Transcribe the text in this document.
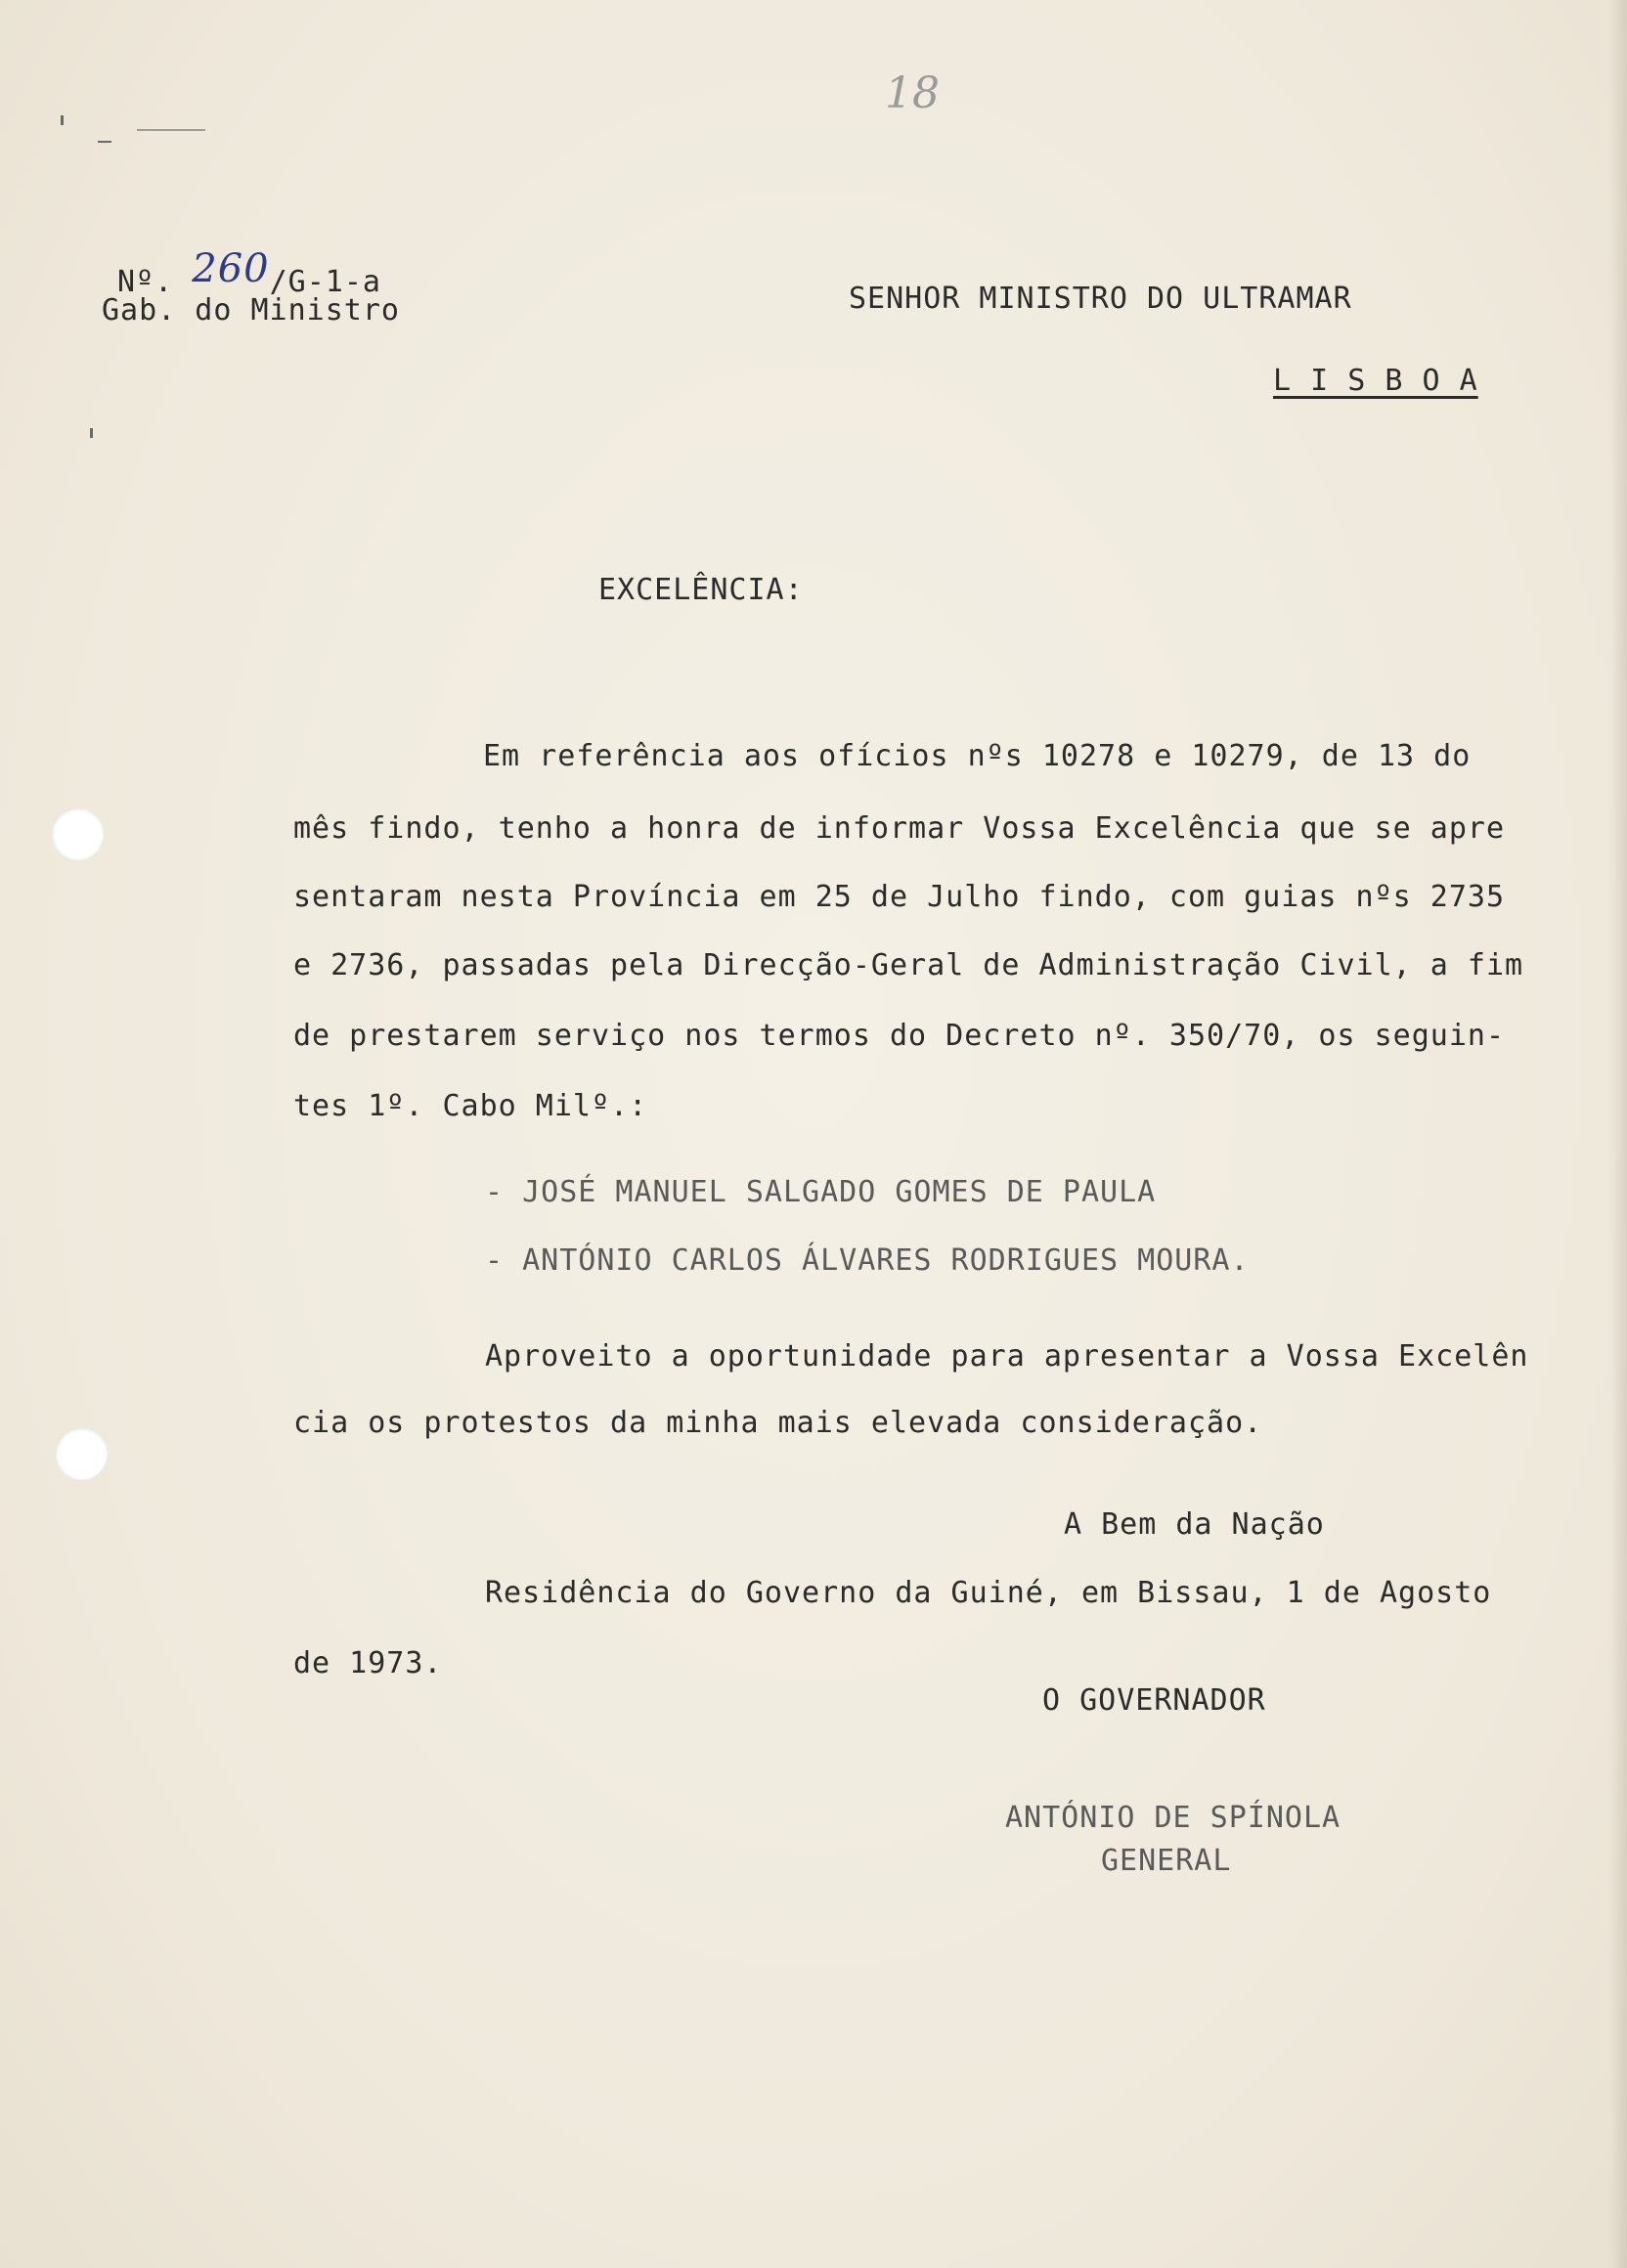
18
Nº. 260/G-1-a
Gab. do Ministro	SENHOR MINISTRO DO ULTRAMAR
L I S B O A
EXCELÊNCIA:
Em referência aos ofícios nºs 10278 e 10279, de 13 do
mês findo, tenho a honra de informar Vossa Excelência que se apre
sentaram nesta Província em 25 de Julho findo, com guias nºs 2735
e 2736, passadas pela Direcção-Geral de Administração Civil, a fim
de prestarem serviço nos termos do Decreto nº. 350/70, os seguin-
tes 1º. Cabo Milº.:
- JOSÉ MANUEL SALGADO GOMES DE PAULA
- ANTÓNIO CARLOS ÁLVARES RODRIGUES MOURA.
Aproveito a oportunidade para apresentar a Vossa Excelên
cia os protestos da minha mais elevada consideração.
A Bem da Nação
Residência do Governo da Guiné, em Bissau, 1 de Agosto
de 1973.
O GOVERNADOR
ANTÓNIO DE SPÍNOLA
GENERAL
